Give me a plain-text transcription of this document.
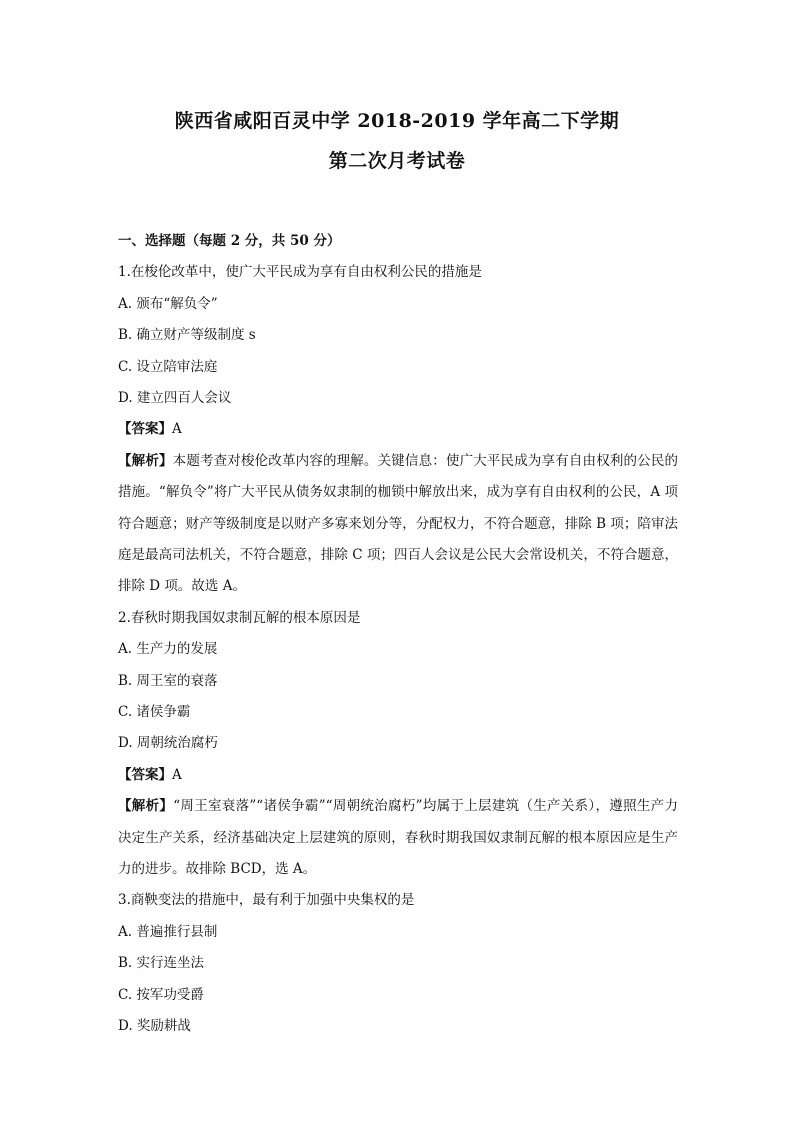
陕西省咸阳百灵中学 2018-2019 学年高二下学期
第二次月考试卷
一、选择题（每题 2 分，共 50 分）
1.在梭伦改革中，使广大平民成为享有自由权利公民的措施是
A. 颁布“解负令”
B. 确立财产等级制度 s
C. 设立陪审法庭
D. 建立四百人会议
【答案】A
【解析】本题考查对梭伦改革内容的理解。关键信息：使广大平民成为享有自由权利的公民的措施。“解负令”将广大平民从债务奴隶制的枷锁中解放出来，成为享有自由权利的公民，A 项符合题意；财产等级制度是以财产多寡来划分等，分配权力，不符合题意，排除 B 项；陪审法庭是最高司法机关，不符合题意，排除 C 项；四百人会议是公民大会常设机关，不符合题意，排除 D 项。故选 A。
2.春秋时期我国奴隶制瓦解的根本原因是
A. 生产力的发展
B. 周王室的衰落
C. 诸侯争霸
D. 周朝统治腐朽
【答案】A
【解析】“周王室衰落”“诸侯争霸”“周朝统治腐朽”均属于上层建筑（生产关系），遵照生产力决定生产关系，经济基础决定上层建筑的原则，春秋时期我国奴隶制瓦解的根本原因应是生产力的进步。故排除 BCD，选 A。
3.商鞅变法的措施中，最有利于加强中央集权的是
A. 普遍推行县制
B. 实行连坐法
C. 按军功受爵
D. 奖励耕战
